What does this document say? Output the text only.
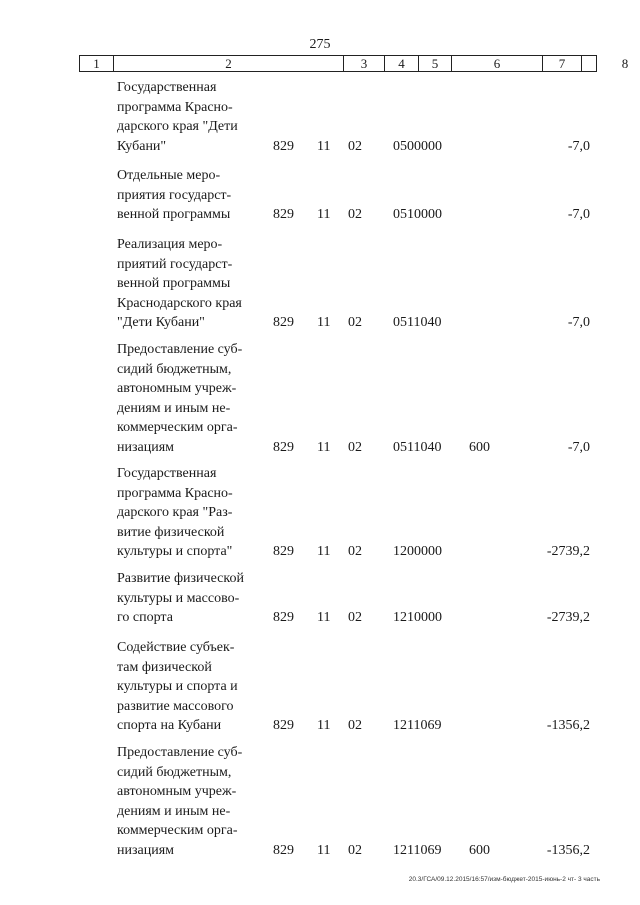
275
1	2	3	4	5	6	7	8
Государственная
программа Красно-
дарского края "Дети
Кубани"	829 11 02 0500000	-7,0
Отдельные меро-
приятия государст-
венной программы	829 11 02 0510000	-7,0
Реализация меро-
приятий государст-
венной программы
Краснодарского края
"Дети Кубани"	829 11 02 0511040	-7,0
Предоставление суб-
сидий бюджетным,
автономным учреж-
дениям и иным не-
коммерческим орга-
низациям	829 11 02 0511040 600	-7,0
Государственная
программа Красно-
дарского края "Раз-
витие физической
культуры и спорта"	829 11 02 1200000	-2739,2
Развитие физической
культуры и массово-
го спорта	829 11 02 1210000	-2739,2
Содействие субъек-
там физической
культуры и спорта и
развитие массового
спорта на Кубани	829 11 02 1211069	-1356,2
Предоставление суб-
сидий бюджетным,
автономным учреж-
дениям и иным не-
коммерческим орга-
низациям	829 11 02 1211069 600	-1356,2
20.3/ГСА/09.12.2015/16:57/изм-бюджет-2015-июнь-2 чт- 3 часть
